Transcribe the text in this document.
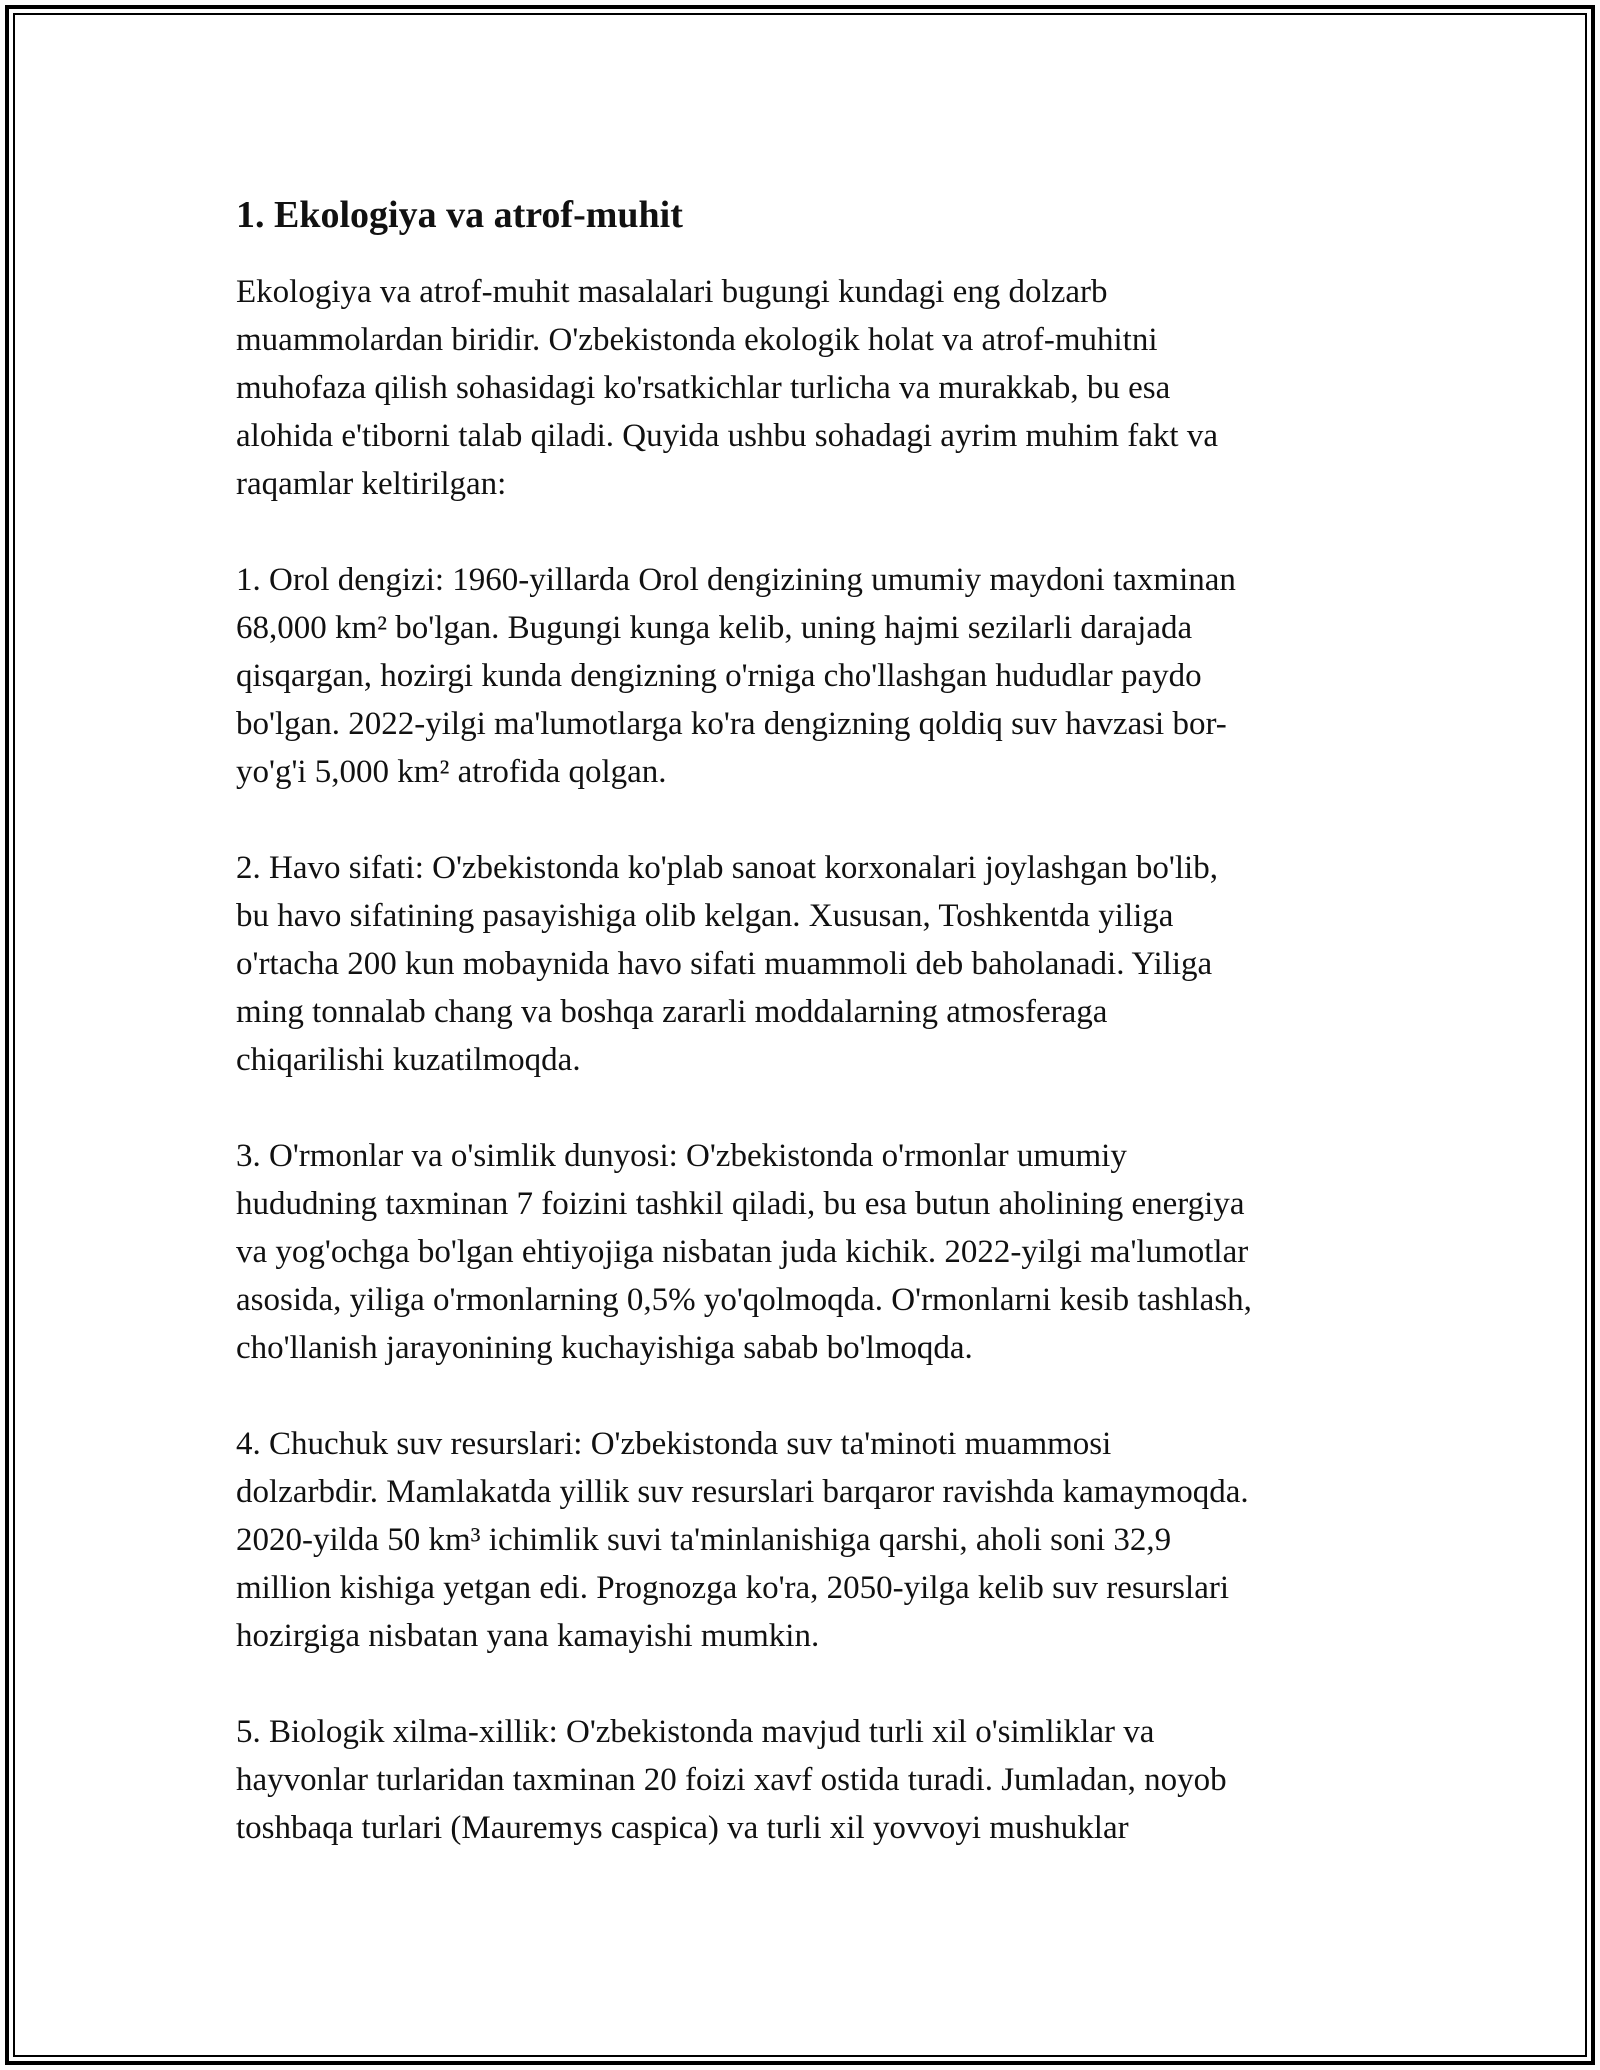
1. Ekologiya va atrof-muhit

Ekologiya va atrof-muhit masalalari bugungi kundagi eng dolzarb
muammolardan biridir. O'zbekistonda ekologik holat va atrof-muhitni
muhofaza qilish sohasidagi ko'rsatkichlar turlicha va murakkab, bu esa
alohida e'tiborni talab qiladi. Quyida ushbu sohadagi ayrim muhim fakt va
raqamlar keltirilgan:

1. Orol dengizi: 1960-yillarda Orol dengizining umumiy maydoni taxminan
68,000 km² bo'lgan. Bugungi kunga kelib, uning hajmi sezilarli darajada
qisqargan, hozirgi kunda dengizning o'rniga cho'llashgan hududlar paydo
bo'lgan. 2022-yilgi ma'lumotlarga ko'ra dengizning qoldiq suv havzasi bor-
yo'g'i 5,000 km² atrofida qolgan.

2. Havo sifati: O'zbekistonda ko'plab sanoat korxonalari joylashgan bo'lib,
bu havo sifatining pasayishiga olib kelgan. Xususan, Toshkentda yiliga
o'rtacha 200 kun mobaynida havo sifati muammoli deb baholanadi. Yiliga
ming tonnalab chang va boshqa zararli moddalarning atmosferaga
chiqarilishi kuzatilmoqda.

3. O'rmonlar va o'simlik dunyosi: O'zbekistonda o'rmonlar umumiy
hududning taxminan 7 foizini tashkil qiladi, bu esa butun aholining energiya
va yog'ochga bo'lgan ehtiyojiga nisbatan juda kichik. 2022-yilgi ma'lumotlar
asosida, yiliga o'rmonlarning 0,5% yo'qolmoqda. O'rmonlarni kesib tashlash,
cho'llanish jarayonining kuchayishiga sabab bo'lmoqda.

4. Chuchuk suv resurslari: O'zbekistonda suv ta'minoti muammosi
dolzarbdir. Mamlakatda yillik suv resurslari barqaror ravishda kamaymoqda.
2020-yilda 50 km³ ichimlik suvi ta'minlanishiga qarshi, aholi soni 32,9
million kishiga yetgan edi. Prognozga ko'ra, 2050-yilga kelib suv resurslari
hozirgiga nisbatan yana kamayishi mumkin.

5. Biologik xilma-xillik: O'zbekistonda mavjud turli xil o'simliklar va
hayvonlar turlaridan taxminan 20 foizi xavf ostida turadi. Jumladan, noyob
toshbaqa turlari (Mauremys caspica) va turli xil yovvoyi mushuklar
